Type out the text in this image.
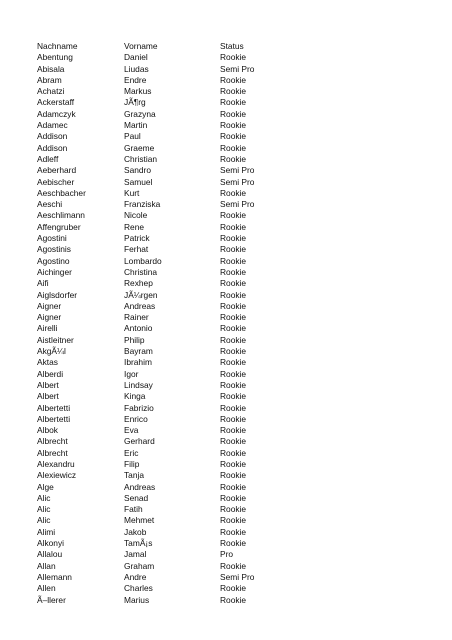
Nachname	Vorname	Status
Abentung	Daniel	Rookie
Abisala	Liudas	Semi Pro
Abram	Endre	Rookie
Achatzi	Markus	Rookie
Ackerstaff	JÃ¶rg	Rookie
Adamczyk	Grazyna	Rookie
Adamec	Martin	Rookie
Addison	Paul	Rookie
Addison	Graeme	Rookie
Adleff	Christian	Rookie
Aeberhard	Sandro	Semi Pro
Aebischer	Samuel	Semi Pro
Aeschbacher	Kurt	Rookie
Aeschi	Franziska	Semi Pro
Aeschlimann	Nicole	Rookie
Affengruber	Rene	Rookie
Agostini	Patrick	Rookie
Agostinis	Ferhat	Rookie
Agostino	Lombardo	Rookie
Aichinger	Christina	Rookie
Aifi	Rexhep	Rookie
Aiglsdorfer	JÃ¼rgen	Rookie
Aigner	Andreas	Rookie
Aigner	Rainer	Rookie
Airelli	Antonio	Rookie
Aistleitner	Philip	Rookie
AkgÃ¼l	Bayram	Rookie
Aktas	Ibrahim	Rookie
Alberdi	Igor	Rookie
Albert	Lindsay	Rookie
Albert	Kinga	Rookie
Albertetti	Fabrizio	Rookie
Albertetti	Enrico	Rookie
Albok	Eva	Rookie
Albrecht	Gerhard	Rookie
Albrecht	Eric	Rookie
Alexandru	Filip	Rookie
Alexiewicz	Tanja	Rookie
Alge	Andreas	Rookie
Alic	Senad	Rookie
Alic	Fatih	Rookie
Alic	Mehmet	Rookie
Alimi	Jakob	Rookie
Alkonyi	TamÃ¡s	Rookie
Allalou	Jamal	Pro
Allan	Graham	Rookie
Allemann	Andre	Semi Pro
Allen	Charles	Rookie
Ã–llerer	Marius	Rookie
